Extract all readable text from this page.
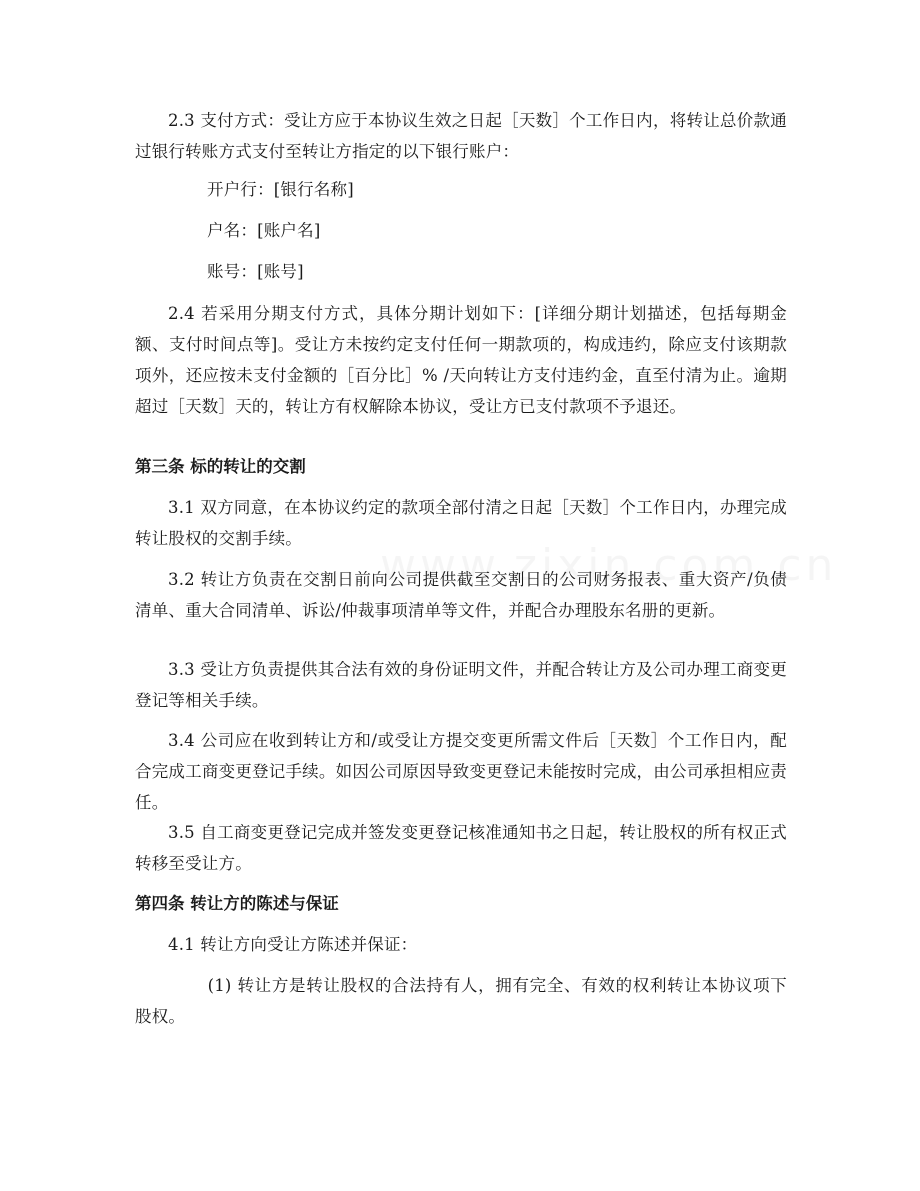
2.3 支付方式：受让方应于本协议生效之日起［天数］个工作日内，将转让总价款通过银行转账方式支付至转让方指定的以下银行账户：

开户行：[银行名称]

户名：[账户名]

账号：[账号]

2.4 若采用分期支付方式，具体分期计划如下：[详细分期计划描述，包括每期金额、支付时间点等]。受让方未按约定支付任何一期款项的，构成违约，除应支付该期款项外，还应按未支付金额的［百分比］% /天向转让方支付违约金，直至付清为止。逾期超过［天数］天的，转让方有权解除本协议，受让方已支付款项不予退还。

第三条 标的转让的交割

3.1 双方同意，在本协议约定的款项全部付清之日起［天数］个工作日内，办理完成转让股权的交割手续。

3.2 转让方负责在交割日前向公司提供截至交割日的公司财务报表、重大资产/负债清单、重大合同清单、诉讼/仲裁事项清单等文件，并配合办理股东名册的更新。

3.3 受让方负责提供其合法有效的身份证明文件，并配合转让方及公司办理工商变更登记等相关手续。

3.4 公司应在收到转让方和/或受让方提交变更所需文件后［天数］个工作日内，配合完成工商变更登记手续。如因公司原因导致变更登记未能按时完成，由公司承担相应责任。

3.5 自工商变更登记完成并签发变更登记核准通知书之日起，转让股权的所有权正式转移至受让方。

第四条 转让方的陈述与保证

4.1 转让方向受让方陈述并保证：

(1) 转让方是转让股权的合法持有人，拥有完全、有效的权利转让本协议项下股权。
